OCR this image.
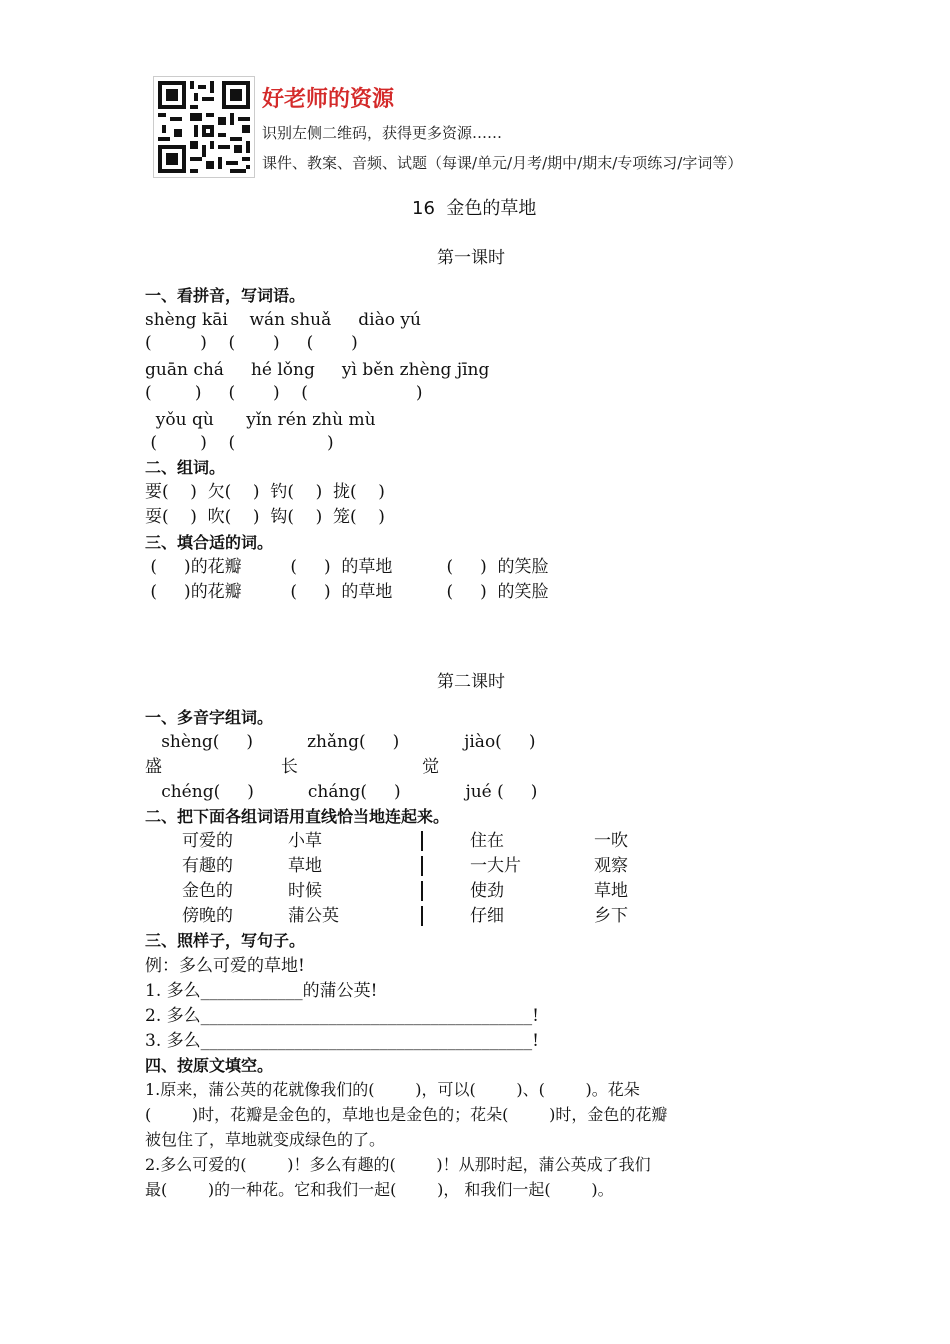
好老师的资源
识别左侧二维码，获得更多资源……
课件、教案、音频、试题（每课/单元/月考/期中/期末/专项练习/字词等）
16  金色的草地
第一课时
一、看拼音，写词语。
shèng kāi    wán shuǎ     diào yú
(         )    (       )     (       )
guān chá     hé lǒng     yì běn zhèng jīng
(        )     (       )    (                    )
yǒu qù      yǐn rén zhù mù
(        )    (                 )
二、组词。
要(    )  欠(    )  钓(    )  拢(    )
耍(    )  吹(    )  钩(    )  笼(    )
三、填合适的词。
(     )的花瓣         (     )  的草地          (     )  的笑脸
(     )的花瓣         (     )  的草地          (     )  的笑脸
第二课时
一、多音字组词。
shèng(     )          zhǎng(     )            jiào(     )
盛                      长                       觉
chéng(     )          cháng(     )            jué (     )
二、把下面各组词语用直线恰当地连起来。
可爱的	小草	住在	一吹
有趣的	草地	一大片	观察
金色的	时候	使劲	草地
傍晚的	蒲公英	仔细	乡下
三、照样子，写句子。
例：多么可爱的草地!
1. 多么____________的蒲公英!
2. 多么_______________________________________!
3. 多么_______________________________________!
四、按原文填空。
1.原来，蒲公英的花就像我们的(        )，可以(        )、(        )。花朵
(        )时，花瓣是金色的，草地也是金色的；花朵(        )时，金色的花瓣
被包住了，草地就变成绿色的了。
2.多么可爱的(        )！多么有趣的(        )！从那时起，蒲公英成了我们
最(        )的一种花。它和我们一起(        )， 和我们一起(        )。
